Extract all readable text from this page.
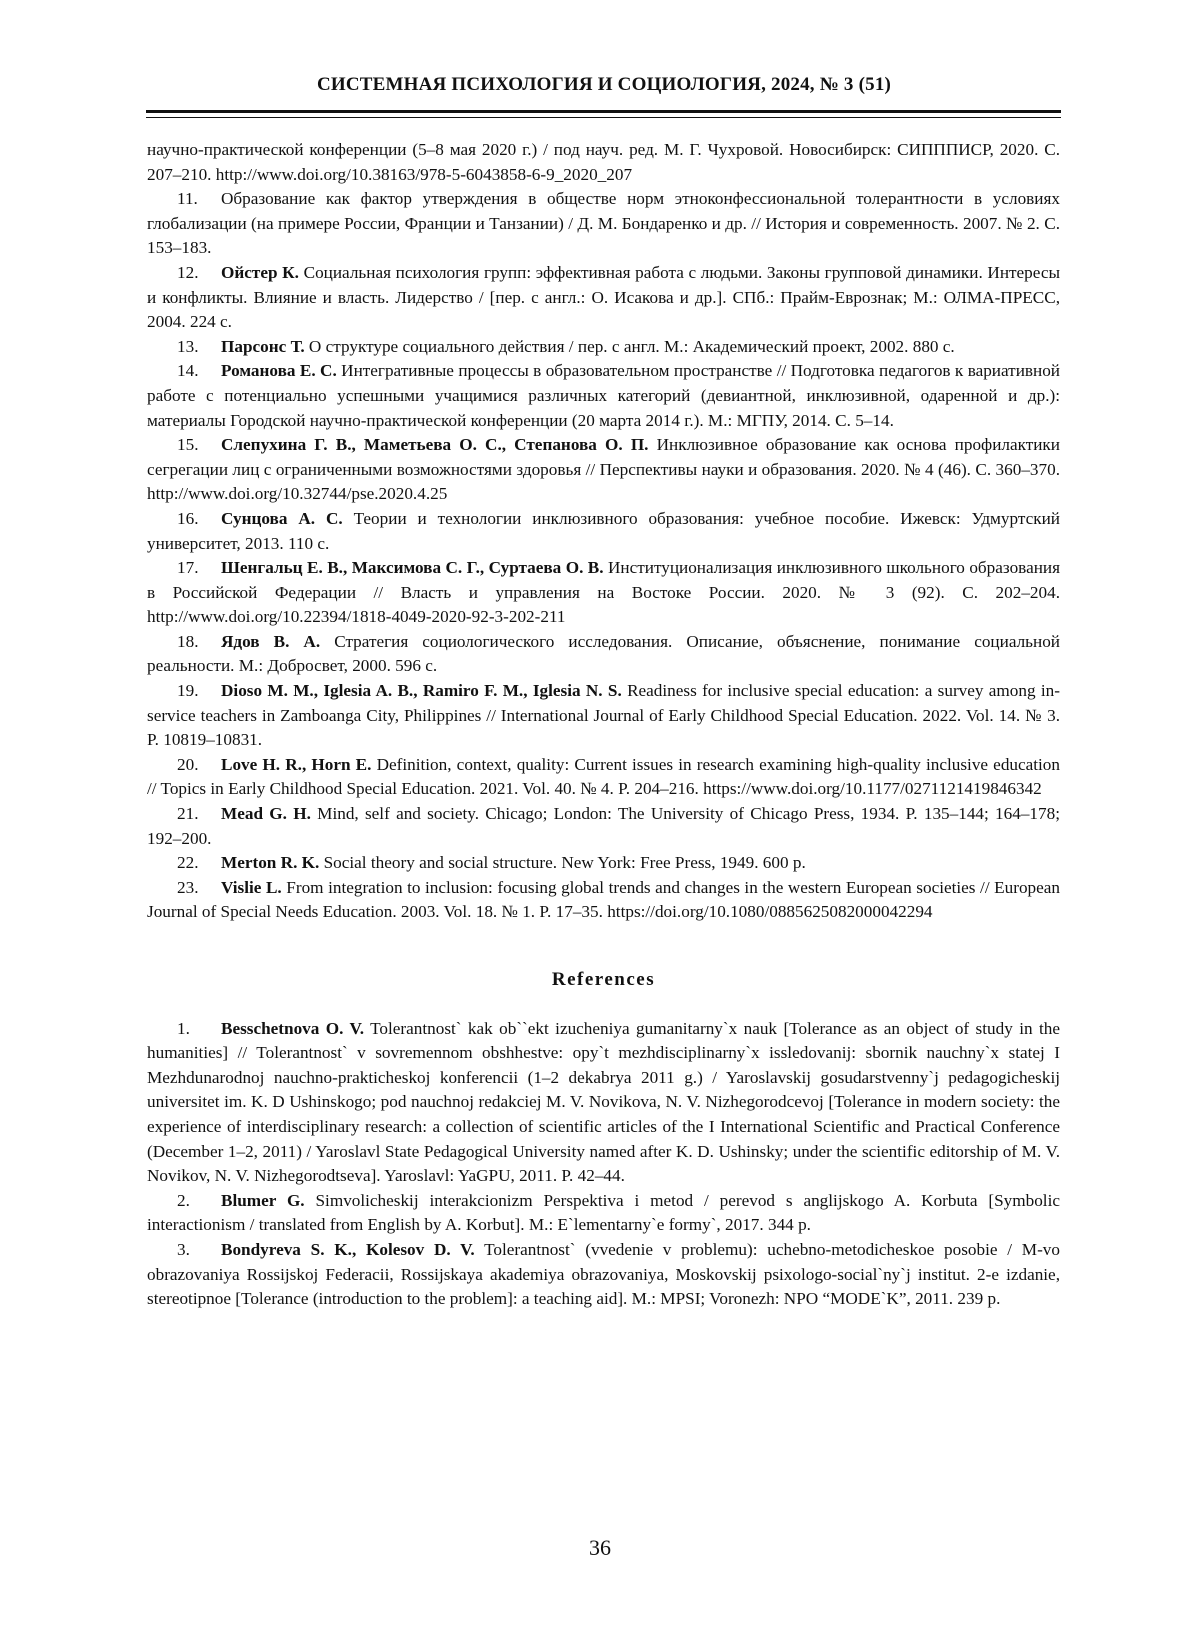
СИСТЕМНАЯ ПСИХОЛОГИЯ И СОЦИОЛОГИЯ, 2024, № 3 (51)

научно-практической конференции (5–8 мая 2020 г.) / под науч. ред. М. Г. Чухровой. Новосибирск: СИПППИСР, 2020. С. 207–210. http://www.doi.org/10.38163/978-5-6043858-6-9_2020_207

11. Образование как фактор утверждения в обществе норм этноконфессиональной толерантности в условиях глобализации (на примере России, Франции и Танзании) / Д. М. Бондаренко и др. // История и современность. 2007. № 2. С. 153–183.

12. Ойстер К. Социальная психология групп: эффективная работа с людьми. Законы групповой динамики. Интересы и конфликты. Влияние и власть. Лидерство / [пер. с англ.: О. Исакова и др.]. СПб.: Прайм-Еврознак; М.: ОЛМА-ПРЕСС, 2004. 224 с.

13. Парсонс Т. О структуре социального действия / пер. с англ. М.: Академический проект, 2002. 880 с.

14. Романова Е. С. Интегративные процессы в образовательном пространстве // Подготовка педагогов к вариативной работе с потенциально успешными учащимися различных категорий (девиантной, инклюзивной, одаренной и др.): материалы Городской научно-практической конференции (20 марта 2014 г.). М.: МГПУ, 2014. С. 5–14.

15. Слепухина Г. В., Маметьева О. С., Степанова О. П. Инклюзивное образование как основа профилактики сегрегации лиц с ограниченными возможностями здоровья // Перспективы науки и образования. 2020. № 4 (46). С. 360–370. http://www.doi.org/10.32744/pse.2020.4.25

16. Сунцова А. С. Теории и технологии инклюзивного образования: учебное пособие. Ижевск: Удмуртский университет, 2013. 110 с.

17. Шенгальц Е. В., Максимова С. Г., Суртаева О. В. Институционализация инклюзивного школьного образования в Российской Федерации // Власть и управления на Востоке России. 2020. № 3 (92). С. 202–204. http://www.doi.org/10.22394/1818-4049-2020-92-3-202-211

18. Ядов В. А. Стратегия социологического исследования. Описание, объяснение, понимание социальной реальности. М.: Добросвет, 2000. 596 с.

19. Dioso M. M., Iglesia A. B., Ramiro F. M., Iglesia N. S. Readiness for inclusive special education: a survey among in-service teachers in Zamboanga City, Philippines // International Journal of Early Childhood Special Education. 2022. Vol. 14. № 3. P. 10819–10831.

20. Love H. R., Horn E. Definition, context, quality: Current issues in research examining high-quality inclusive education // Topics in Early Childhood Special Education. 2021. Vol. 40. № 4. P. 204–216. https://www.doi.org/10.1177/0271121419846342

21. Mead G. H. Mind, self and society. Chicago; London: The University of Chicago Press, 1934. P. 135–144; 164–178; 192–200.

22. Merton R. K. Social theory and social structure. New York: Free Press, 1949. 600 p.

23. Vislie L. From integration to inclusion: focusing global trends and changes in the western European societies // European Journal of Special Needs Education. 2003. Vol. 18. № 1. P. 17–35. https://doi.org/10.1080/0885625082000042294

References

1. Besschetnova O. V. Tolerantnost` kak ob``ekt izucheniya gumanitarny`x nauk [Tolerance as an object of study in the humanities] // Tolerantnost` v sovremennom obshhestve: opy`t mezhdisciplinarny`x issledovanij: sbornik nauchny`x statej I Mezhdunarodnoj nauchno-prakticheskoj konferencii (1–2 dekabrya 2011 g.) / Yaroslavskij gosudarstvenny`j pedagogicheskij universitet im. K. D Ushinskogo; pod nauchnoj redakciej M. V. Novikova, N. V. Nizhegorodcevoj [Tolerance in modern society: the experience of interdisciplinary research: a collection of scientific articles of the I International Scientific and Practical Conference (December 1–2, 2011) / Yaroslavl State Pedagogical University named after K. D. Ushinsky; under the scientific editorship of M. V. Novikov, N. V. Nizhegorodtseva]. Yaroslavl: YaGPU, 2011. P. 42–44.

2. Blumer G. Simvolicheskij interakcionizm Perspektiva i metod / perevod s anglijskogo A. Korbuta [Symbolic interactionism / translated from English by A. Korbut]. M.: E`lementarny`e formy`, 2017. 344 p.

3. Bondyreva S. K., Kolesov D. V. Tolerantnost` (vvedenie v problemu): uchebno-metodicheskoe posobie / M-vo obrazovaniya Rossijskoj Federacii, Rossijskaya akademiya obrazovaniya, Moskovskij psixologo-social`ny`j institut. 2-e izdanie, stereotipnoe [Tolerance (introduction to the problem]: a teaching aid]. M.: MPSI; Voronezh: NPO “MODE`K”, 2011. 239 p.

36
